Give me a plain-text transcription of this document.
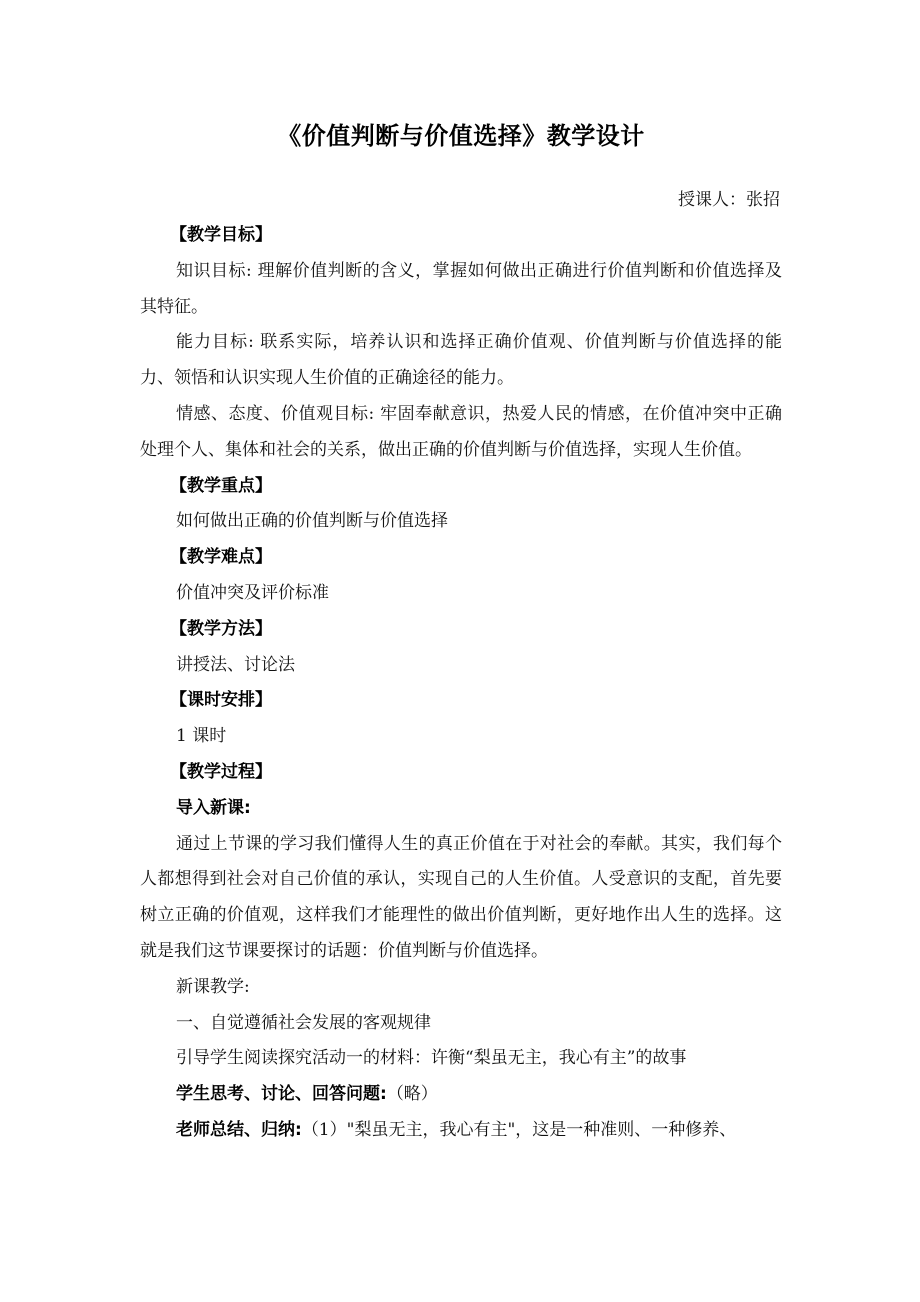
《价值判断与价值选择》教学设计
授课人：张招

【教学目标】

知识目标: 理解价值判断的含义，掌握如何做出正确进行价值判断和价值选择及其特征。

能力目标: 联系实际，培养认识和选择正确价值观、价值判断与价值选择的能力、领悟和认识实现人生价值的正确途径的能力。

情感、态度、价值观目标: 牢固奉献意识，热爱人民的情感，在价值冲突中正确处理个人、集体和社会的关系，做出正确的价值判断与价值选择，实现人生价值。

【教学重点】

如何做出正确的价值判断与价值选择

【教学难点】

价值冲突及评价标准

【教学方法】

讲授法、讨论法

【课时安排】

1 课时

【教学过程】

导入新课:

通过上节课的学习我们懂得人生的真正价值在于对社会的奉献。其实，我们每个人都想得到社会对自己价值的承认，实现自己的人生价值。人受意识的支配，首先要树立正确的价值观，这样我们才能理性的做出价值判断，更好地作出人生的选择。这就是我们这节课要探讨的话题：价值判断与价值选择。

新课教学:

一、自觉遵循社会发展的客观规律

引导学生阅读探究活动一的材料：许衡“梨虽无主，我心有主”的故事

学生思考、讨论、回答问题:（略）

老师总结、归纳:（1）"梨虽无主，我心有主"，这是一种准则、一种修养、
